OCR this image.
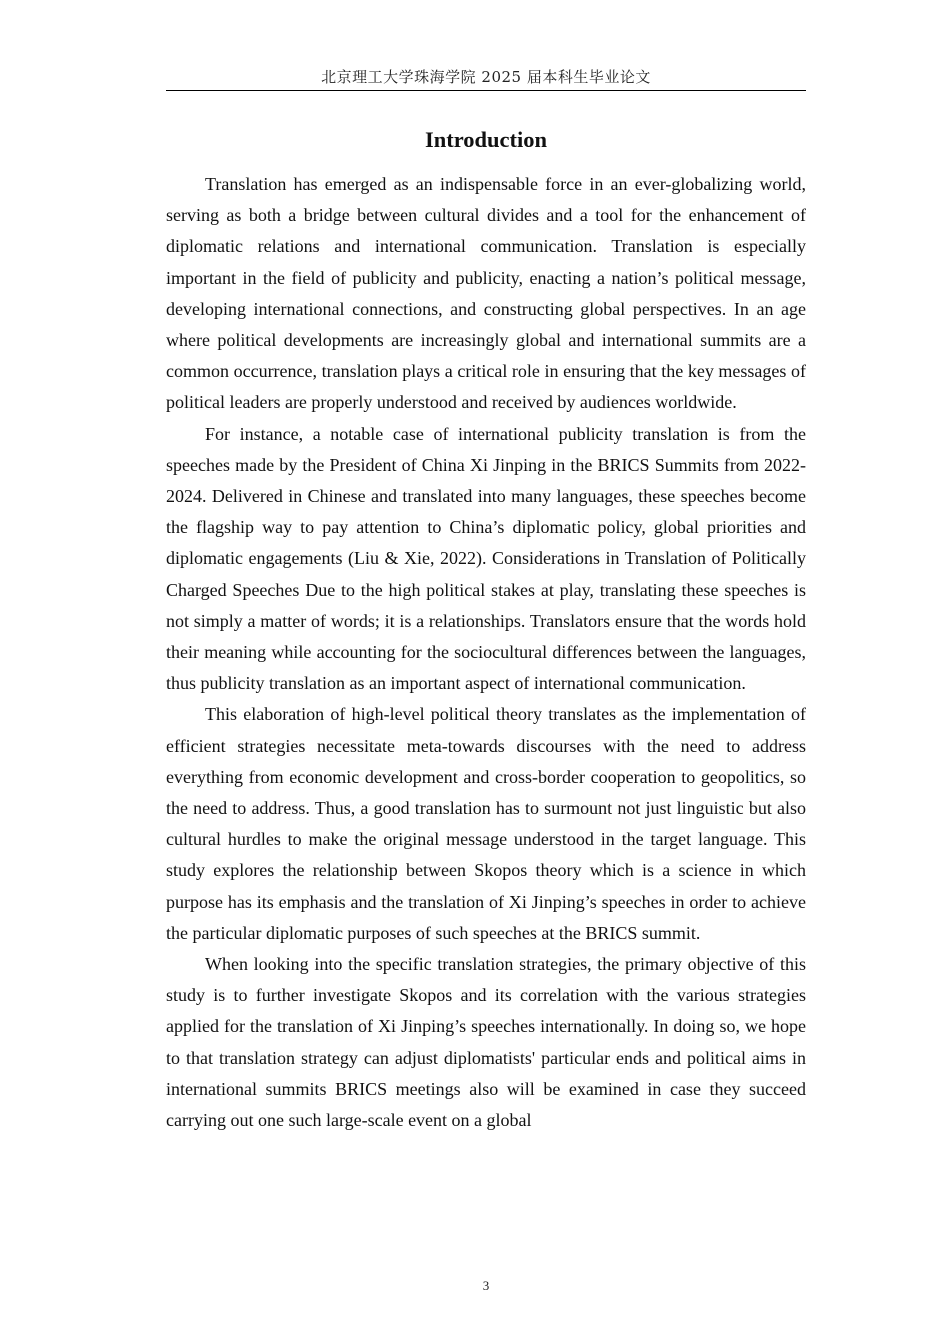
北京理工大学珠海学院 2025 届本科生毕业论文
Introduction

Translation has emerged as an indispensable force in an ever-globalizing world, serving as both a bridge between cultural divides and a tool for the enhancement of diplomatic relations and international communication. Translation is especially important in the field of publicity and publicity, enacting a nation’s political message, developing international connections, and constructing global perspectives. In an age where political developments are increasingly global and international summits are a common occurrence, translation plays a critical role in ensuring that the key messages of political leaders are properly understood and received by audiences worldwide.

For instance, a notable case of international publicity translation is from the speeches made by the President of China Xi Jinping in the BRICS Summits from 2022-2024. Delivered in Chinese and translated into many languages, these speeches become the flagship way to pay attention to China’s diplomatic policy, global priorities and diplomatic engagements (Liu & Xie, 2022). Considerations in Translation of Politically Charged Speeches Due to the high political stakes at play, translating these speeches is not simply a matter of words; it is a relationships. Translators ensure that the words hold their meaning while accounting for the sociocultural differences between the languages, thus publicity translation as an important aspect of international communication.

This elaboration of high-level political theory translates as the implementation of efficient strategies necessitate meta-towards discourses with the need to address everything from economic development and cross-border cooperation to geopolitics, so the need to address. Thus, a good translation has to surmount not just linguistic but also cultural hurdles to make the original message understood in the target language. This study explores the relationship between Skopos theory which is a science in which purpose has its emphasis and the translation of Xi Jinping’s speeches in order to achieve the particular diplomatic purposes of such speeches at the BRICS summit.

When looking into the specific translation strategies, the primary objective of this study is to further investigate Skopos and its correlation with the various strategies applied for the translation of Xi Jinping’s speeches internationally. In doing so, we hope to that translation strategy can adjust diplomatists' particular ends and political aims in international summits BRICS meetings also will be examined in case they succeed carrying out one such large-scale event on a global

3
